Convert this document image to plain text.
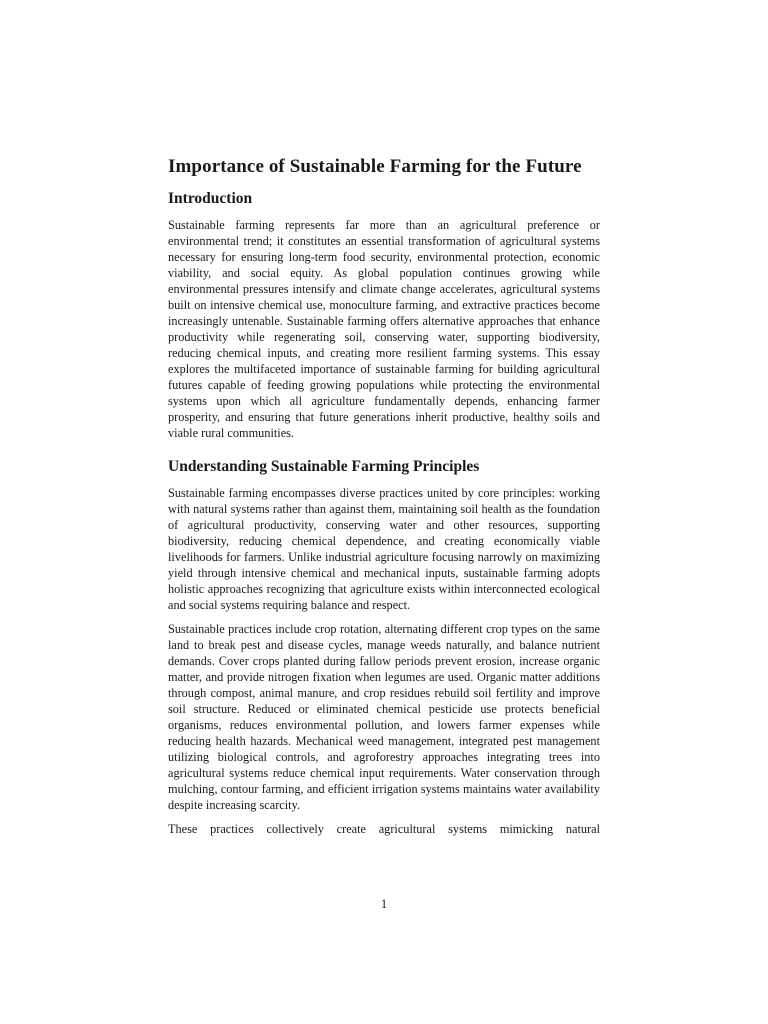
Importance of Sustainable Farming for the Future
Introduction

Sustainable farming represents far more than an agricultural preference or environmental trend; it constitutes an essential transformation of agricultural systems necessary for ensuring long-term food security, environmental protection, economic viability, and social equity. As global population continues growing while environmental pressures intensify and climate change accelerates, agricultural systems built on intensive chemical use, monoculture farming, and extractive practices become increasingly untenable. Sustainable farming offers alternative approaches that enhance productivity while regenerating soil, conserving water, supporting biodiversity, reducing chemical inputs, and creating more resilient farming systems. This essay explores the multifaceted importance of sustainable farming for building agricultural futures capable of feeding growing populations while protecting the environmental systems upon which all agriculture fundamentally depends, enhancing farmer prosperity, and ensuring that future generations inherit productive, healthy soils and viable rural communities.

Understanding Sustainable Farming Principles

Sustainable farming encompasses diverse practices united by core principles: working with natural systems rather than against them, maintaining soil health as the foundation of agricultural productivity, conserving water and other resources, supporting biodiversity, reducing chemical dependence, and creating economically viable livelihoods for farmers. Unlike industrial agriculture focusing narrowly on maximizing yield through intensive chemical and mechanical inputs, sustainable farming adopts holistic approaches recognizing that agriculture exists within interconnected ecological and social systems requiring balance and respect.

Sustainable practices include crop rotation, alternating different crop types on the same land to break pest and disease cycles, manage weeds naturally, and balance nutrient demands. Cover crops planted during fallow periods prevent erosion, increase organic matter, and provide nitrogen fixation when legumes are used. Organic matter additions through compost, animal manure, and crop residues rebuild soil fertility and improve soil structure. Reduced or eliminated chemical pesticide use protects beneficial organisms, reduces environmental pollution, and lowers farmer expenses while reducing health hazards. Mechanical weed management, integrated pest management utilizing biological controls, and agroforestry approaches integrating trees into agricultural systems reduce chemical input requirements. Water conservation through mulching, contour farming, and efficient irrigation systems maintains water availability despite increasing scarcity.

These practices collectively create agricultural systems mimicking natural

1
